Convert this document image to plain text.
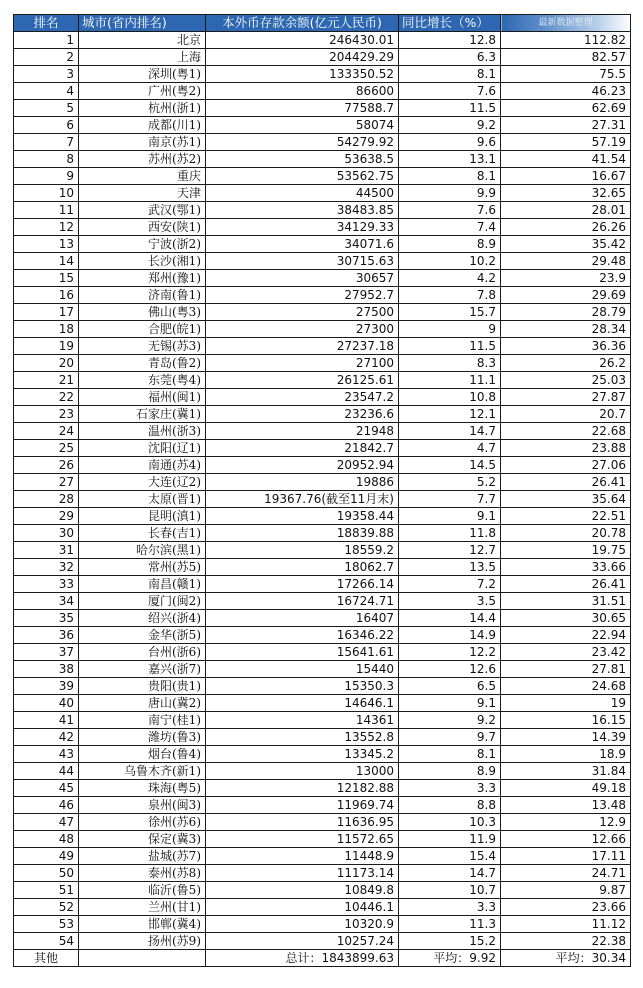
排名	城市(省内排名)	本外币存款余额(亿元人民币)	同比增长（%）	最新数据整理
1	北京	246430.01	12.8	112.82
2	上海	204429.29	6.3	82.57
3	深圳(粤1)	133350.52	8.1	75.5
4	广州(粤2)	86600	7.6	46.23
5	杭州(浙1)	77588.7	11.5	62.69
6	成都(川1)	58074	9.2	27.31
7	南京(苏1)	54279.92	9.6	57.19
8	苏州(苏2)	53638.5	13.1	41.54
9	重庆	53562.75	8.1	16.67
10	天津	44500	9.9	32.65
11	武汉(鄂1)	38483.85	7.6	28.01
12	西安(陕1)	34129.33	7.4	26.26
13	宁波(浙2)	34071.6	8.9	35.42
14	长沙(湘1)	30715.63	10.2	29.48
15	郑州(豫1)	30657	4.2	23.9
16	济南(鲁1)	27952.7	7.8	29.69
17	佛山(粤3)	27500	15.7	28.79
18	合肥(皖1)	27300	9	28.34
19	无锡(苏3)	27237.18	11.5	36.36
20	青岛(鲁2)	27100	8.3	26.2
21	东莞(粤4)	26125.61	11.1	25.03
22	福州(闽1)	23547.2	10.8	27.87
23	石家庄(冀1)	23236.6	12.1	20.7
24	温州(浙3)	21948	14.7	22.68
25	沈阳(辽1)	21842.7	4.7	23.88
26	南通(苏4)	20952.94	14.5	27.06
27	大连(辽2)	19886	5.2	26.41
28	太原(晋1)	19367.76(截至11月末)	7.7	35.64
29	昆明(滇1)	19358.44	9.1	22.51
30	长春(吉1)	18839.88	11.8	20.78
31	哈尔滨(黑1)	18559.2	12.7	19.75
32	常州(苏5)	18062.7	13.5	33.66
33	南昌(赣1)	17266.14	7.2	26.41
34	厦门(闽2)	16724.71	3.5	31.51
35	绍兴(浙4)	16407	14.4	30.65
36	金华(浙5)	16346.22	14.9	22.94
37	台州(浙6)	15641.61	12.2	23.42
38	嘉兴(浙7)	15440	12.6	27.81
39	贵阳(贵1)	15350.3	6.5	24.68
40	唐山(冀2)	14646.1	9.1	19
41	南宁(桂1)	14361	9.2	16.15
42	潍坊(鲁3)	13552.8	9.7	14.39
43	烟台(鲁4)	13345.2	8.1	18.9
44	乌鲁木齐(新1)	13000	8.9	31.84
45	珠海(粤5)	12182.88	3.3	49.18
46	泉州(闽3)	11969.74	8.8	13.48
47	徐州(苏6)	11636.95	10.3	12.9
48	保定(冀3)	11572.65	11.9	12.66
49	盐城(苏7)	11448.9	15.4	17.11
50	泰州(苏8)	11173.14	14.7	24.71
51	临沂(鲁5)	10849.8	10.7	9.87
52	兰州(甘1)	10446.1	3.3	23.66
53	邯郸(冀4)	10320.9	11.3	11.12
54	扬州(苏9)	10257.24	15.2	22.38
其他		总计：1843899.63	平均：9.92	平均：30.34
